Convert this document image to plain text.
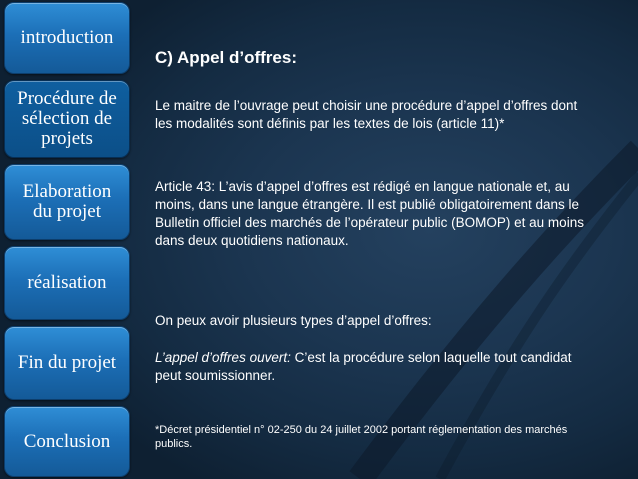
introduction
Procédure de sélection de projets
Elaboration du projet
réalisation
Fin du projet
Conclusion
C) Appel d’offres:
Le maitre de l’ouvrage peut choisir une procédure d’appel d’offres dont les modalités sont définis par les textes de lois (article 11)*
Article 43: L’avis d’appel d’offres est rédigé en langue nationale et, au moins, dans une langue étrangère. Il est publié obligatoirement dans le Bulletin officiel des marchés de l’opérateur public (BOMOP) et au moins dans deux quotidiens nationaux.
On peux avoir plusieurs types d’appel d’offres:
L’appel d’offres ouvert: C’est la procédure selon laquelle tout candidat peut soumissionner.
*Décret présidentiel n° 02-250 du 24 juillet 2002 portant réglementation des marchés publics.
